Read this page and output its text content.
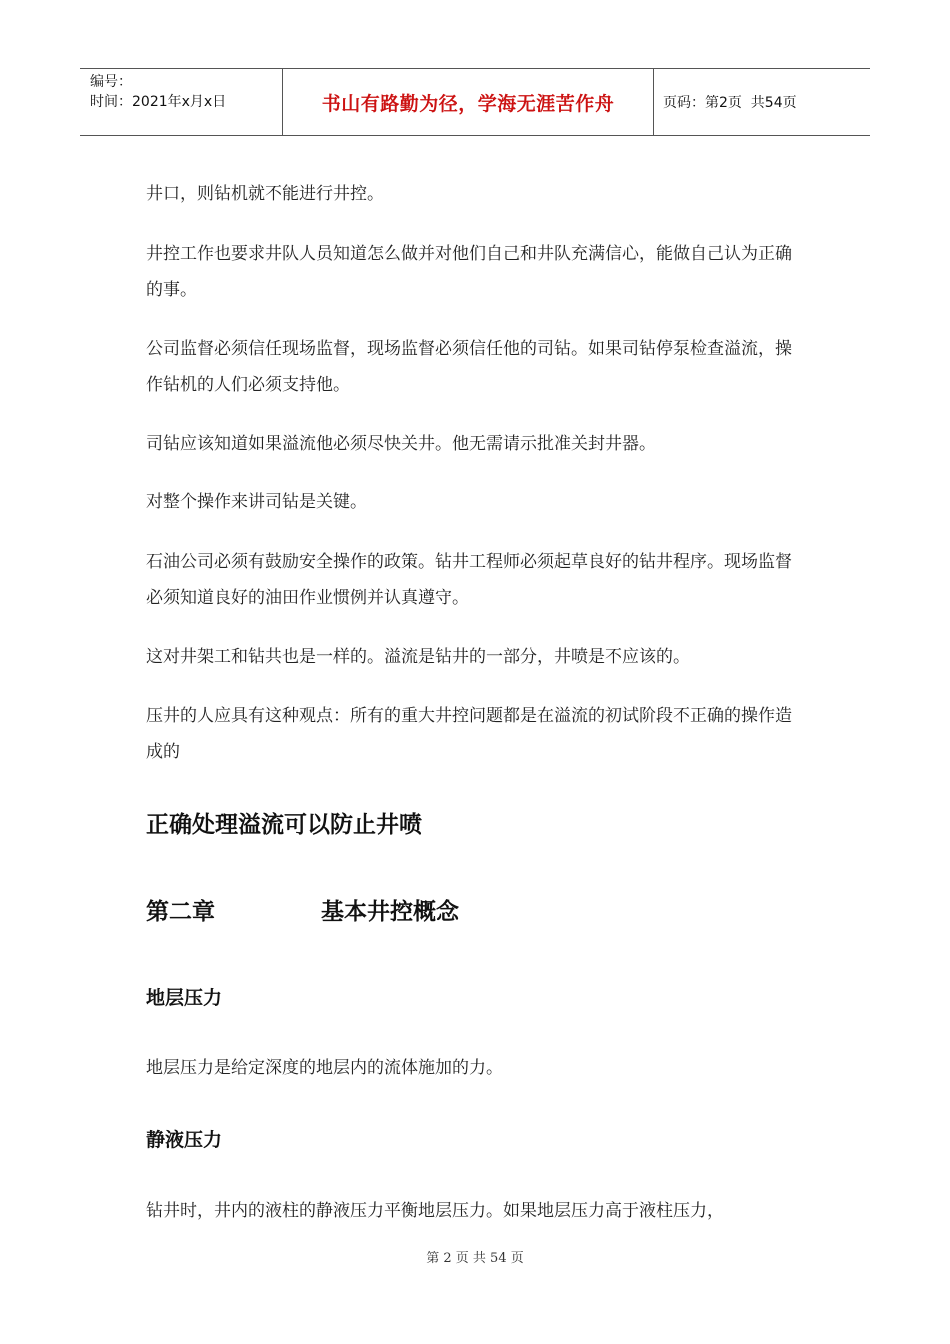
编号：
时间：2021年x月x日	书山有路勤为径，学海无涯苦作舟	页码：第2页  共54页

井口，则钻机就不能进行井控。

井控工作也要求井队人员知道怎么做并对他们自己和井队充满信心，能做自己认为正确的事。

公司监督必须信任现场监督，现场监督必须信任他的司钻。如果司钻停泵检查溢流，操作钻机的人们必须支持他。

司钻应该知道如果溢流他必须尽快关井。他无需请示批准关封井器。

对整个操作来讲司钻是关键。

石油公司必须有鼓励安全操作的政策。钻井工程师必须起草良好的钻井程序。现场监督必须知道良好的油田作业惯例并认真遵守。

这对井架工和钻共也是一样的。溢流是钻井的一部分，井喷是不应该的。

压井的人应具有这种观点：所有的重大井控问题都是在溢流的初试阶段不正确的操作造成的

正确处理溢流可以防止井喷
第二章	基本井控概念
地层压力

地层压力是给定深度的地层内的流体施加的力。

静液压力

钻井时，井内的液柱的静液压力平衡地层压力。如果地层压力高于液柱压力，

第 2 页 共 54 页
